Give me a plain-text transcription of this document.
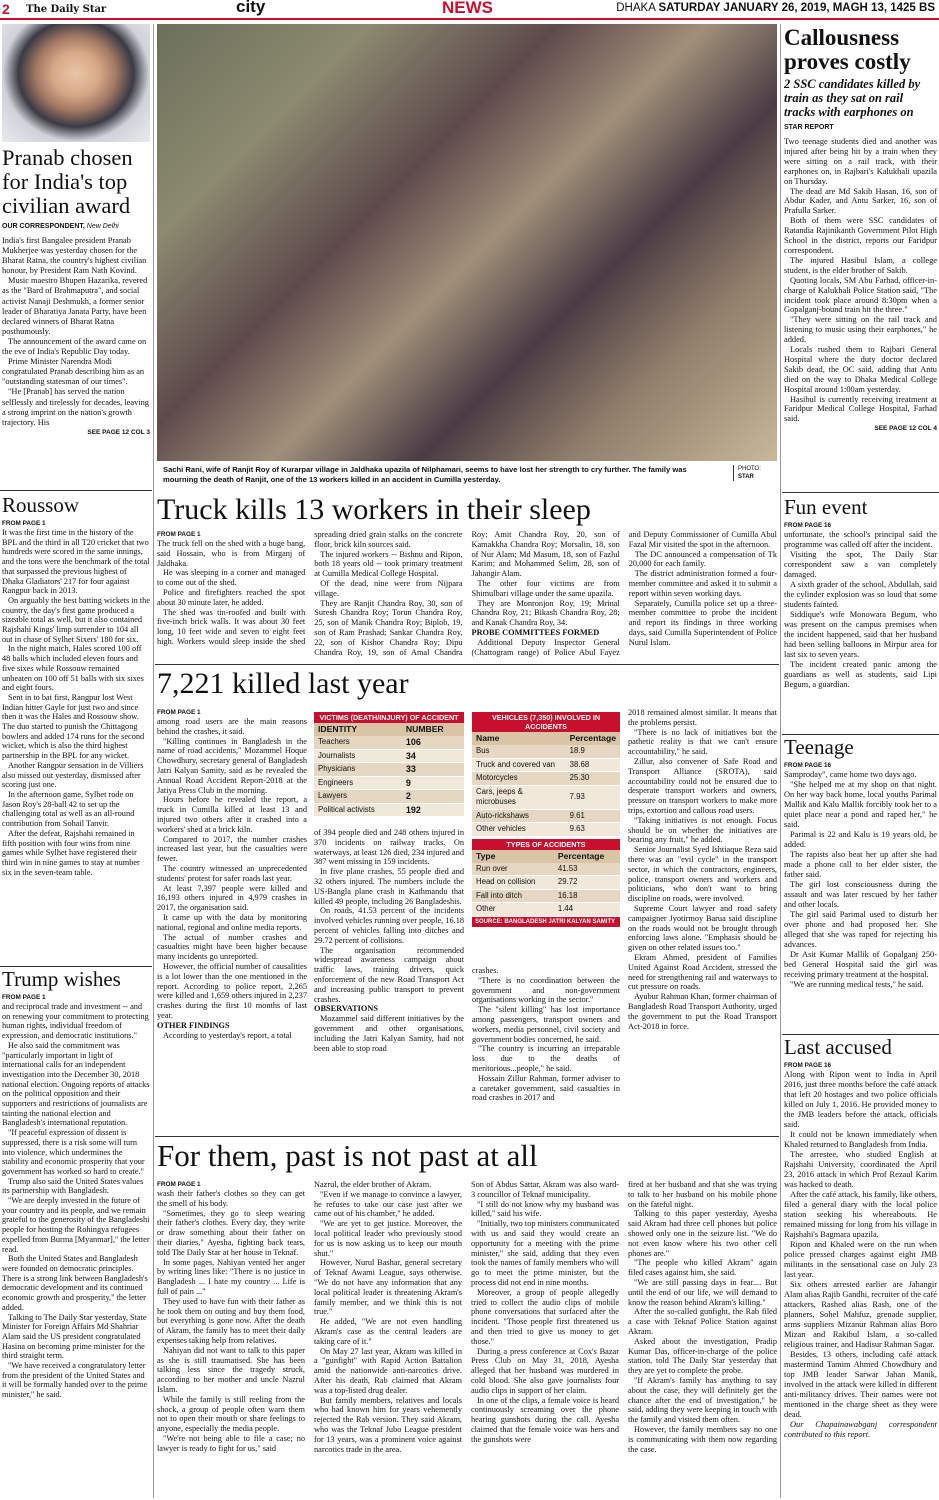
2 The Daily Star	city	NEWS	DHAKA SATURDAY JANUARY 26, 2019, MAGH 13, 1425 BS
Pranab chosen for India's top civilian award
OUR CORRESPONDENT, New Delhi

India's first Bangalee president Pranab Mukherjee was yesterday chosen for the Bharat Ratna, the country's highest civilian honour, by President Ram Nath Kovind.

Music maestro Bhupen Hazarika, revered as the "Bard of Brahmaputra", and social activist Nanaji Deshmukh, a former senior leader of Bharatiya Janata Party, have been declared winners of Bharat Ratna posthumously.

The announcement of the award came on the eve of India's Republic Day today.

Prime Minister Narendra Modi congratulated Pranab describing him as an "outstanding statesman of our times".

"He [Pranab] has served the nation selflessly and tirelessly for decades, leaving a strong imprint on the nation's growth trajectory. His

SEE PAGE 12 COL 3

Roussow

FROM PAGE 1

It was the first time in the history of the BPL and the third in all T20 cricket that two hundreds were scored in the same innings, and the tons were the benchmark of the total that surpassed the previous highest of Dhaka Gladiators' 217 for four against Rangpur back in 2013.

On arguably the best batting wickets in the country, the day's first game produced a sizeable total as well, but it also contained Rajshahi Kings' limp surrender to 104 all out in chase of Sylhet Sixers' 180 for six.

In the night match, Hales scored 100 off 48 balls which included eleven fours and five sixes while Rossouw remained unbeaten on 100 off 51 balls with six sixes and eight fours.

Sent in to bat first, Rangpur lost West Indian hitter Gayle for just two and since then it was the Hales and Rossouw show. The duo started to punish the Chittagong bowlers and added 174 runs for the second wicket, which is also the third highest partnership in the BPL for any wicket.

Another Rangpur sensation in de Villiers also missed out yesterday, dismissed after scoring just one.

In the afternoon game, Sylhet rode on Jason Roy's 28-ball 42 to set up the challenging total as well as an all-round contribution from Sohail Tanvir.

After the defeat, Rajshahi remained in fifth position with four wins from nine games while Sylhet have registered their third win in nine games to stay at number six in the seven-team table.

Trump wishes

FROM PAGE 1

and reciprocal trade and investment -- and on renewing your commitment to protecting human rights, individual freedom of expression, and democratic institutions."

He also said the commitment was "particularly important in light of international calls for an independent investigation into the December 30, 2018 national election. Ongoing reports of attacks on the political opposition and their supporters and restrictions of journalists are tainting the national election and Bangladesh's international reputation.

"If peaceful expression of dissent is suppressed, there is a risk some will turn into violence, which undermines the stability and economic prosperity that your government has worked so hard to create."

Trump also said the United States values its partnership with Bangladesh.

"We are deeply invested in the future of your country and its people, and we remain grateful to the generosity of the Bangladeshi people for hosting the Rohingya refugees expelled from Burma [Myanmar]," the letter read.

Both the United States and Bangladesh were founded on democratic principles. There is a strong link between Bangladesh's democratic development and its continued economic growth and prosperity," the letter added.

Talking to The Daily Star yesterday, State Minister for Foreign Affairs Md Shahriar Alam said the US president congratulated Hasina on becoming prime minister for the third straight term.

"We have received a congratulatory letter from the president of the United States and it will be formally handed over to the prime minister," he said.

Sachi Rani, wife of Ranjit Roy of Kurarpar village in Jaldhaka upazila of Nilphamari, seems to have lost her strength to cry further. The family was mourning the death of Ranjit, one of the 13 workers killed in an accident in Cumilla yesterday.
PHOTO:
STAR
Callousness proves costly
2 SSC candidates killed by train as they sat on rail tracks with earphones on
STAR REPORT

Two teenage students died and another was injured after being hit by a train when they were sitting on a rail track, with their earphones on, in Rajbari's Kalukhali upazila on Thursday.

The dead are Md Sakib Hasan, 16, son of Abdur Kader, and Antu Sarker, 16, son of Prafulla Sarker.

Both of them were SSC candidates of Ratandia Rajinikanth Government Pilot High School in the district, reports our Faridpur correspondent.

The injured Hasibul Islam, a college student, is the elder brother of Sakib.

Quoting locals, SM Abu Farhad, officer-in-charge of Kalukhali Police Station said, "The incident took place around 8:30pm when a Gopalganj-bound train hit the three."

"They were sitting on the rail track and listening to music using their earphones," he added.

Locals rushed them to Rajbari General Hospital where the duty doctor declared Sakib dead, the OC said, adding that Antu died on the way to Dhaka Medical College Hospital around 1:00am yesterday.

Hasibul is currently receiving treatment at Faridpur Medical College Hospital, Farhad said.

SEE PAGE 12 COL 4

Fun event

FROM PAGE 16

unfortunate, the school's principal said the programme was called off after the incident.

Visiting the spot, The Daily Star correspondent saw a van completely damaged.

A sixth grader of the school, Abdullah, said the cylinder explosion was so loud that some students fainted.

Siddique's wife Monowara Begum, who was present on the campus premises when the incident happened, said that her husband had been selling balloons in Mirpur area for last six to seven years.

The incident created panic among the guardians as well as students, said Lipi Begum, a guardian.

Teenage

FROM PAGE 16

Samproday", came home two days ago.

"She helped me at my shop on that night. On her way back home, local youths Parimal Mallik and Kalu Mallik forcibly took her to a quiet place near a pond and raped her," he said.

Parimal is 22 and Kalu is 19 years old, he added.

The rapists also beat her up after she had made a phone call to her elder sister, the father said.

The girl lost consciousness during the assault and was later rescued by her father and other locals.

The girl said Parimal used to disturb her over phone and had proposed her. She alleged that she was raped for rejecting his advances.

Dr Asit Kumar Mallik of Gopalganj 250-bed General Hospital said the girl was receiving primary treatment at the hospital.

"We are running medical tests," he said.

Last accused

FROM PAGE 16

Along with Ripon went to India in April 2016, just three months before the café attack that left 20 hostages and two police officials killed on July 1, 2016. He provided money to the JMB leaders before the attack, officials said.

It could not be known immediately when Khaled returned to Bangladesh from India.

The arrestee, who studied English at Rajshahi University, coordinated the April 23, 2016 attack in which Prof Rezaul Karim was hacked to death.

After the café attack, his family, like others, filed a general diary with the local police station seeking his whereabouts. He remained missing for long from his village in Rajshahi's Bagmara upazila.

Ripon and Khaled were on the run when police pressed charges against eight JMB militants in the sensational case on July 23 last year.

Six others arrested earlier are Jahangir Alam alias Rajib Gandhi, recruiter of the café attackers, Rashed alias Rash, one of the planners, Sohel Mahfuz, grenade supplier, arms suppliers Mizanur Rahman alias Boro Mizan and Rakibul Islam, a so-called religious trainer, and Hadisur Rahman Sagar.

Besides, 13 others, including café attack mastermind Tamim Ahmed Chowdhury and top JMB leader Sarwar Jahan Manik, involved in the attack were killed in different anti-militancy drives. Their names were not mentioned in the charge sheet as they were dead.

Our Chapainawabganj correspondent contributed to this report.

Truck kills 13 workers in their sleep

FROM PAGE 1

The truck fell on the shed with a huge bang, said Hossain, who is from Mirganj of Jaldhaka.

He was sleeping in a corner and managed to come out of the shed.

Police and firefighters reached the spot about 30 minute later, he added.

The shed was tin-roofed and built with five-inch brick walls. It was about 30 feet long, 10 feet wide and seven to eight feet high. Workers would sleep inside the shed spreading dried grain stalks on the concrete floor, brick kiln sources said.

The injured workers -- Bishnu and Ripon, both 18 years old -- took primary treatment at Cumilla Medical College Hospital.

Of the dead, nine were from Nijpara village.

They are Ranjit Chandra Roy, 30, son of Suresh Chandra Roy; Torun Chandra Roy, 25, son of Manik Chandra Roy; Biplob, 19, son of Ram Prashad; Sankar Chandra Roy, 22, son of Kishor Chandra Roy; Dipu Chandra Roy, 19, son of Amal Chandra Roy; Amit Chandra Roy, 20, son of Kamakkha Chandra Roy; Morsalin, 18, son of Nur Alam; Md Masum, 18, son of Fazlul Karim; and Mohammed Selim, 28, son of Jahangir Alam.

The other four victims are from Shimulbari village under the same upazila.

They are Monronjon Roy, 19; Mrinal Chandra Roy, 21; Bikash Chandra Roy, 28; and Kanak Chandra Roy, 34.

PROBE COMMITTEES FORMED

Additional Deputy Inspector General (Chattogram range) of Police Abul Fayez and Deputy Commissioner of Cumilla Abul Fazal Mir visited the spot in the afternoon.

The DC announced a compensation of Tk 20,000 for each family.

The district administration formed a four-member committee and asked it to submit a report within seven working days.

Separately, Cumilla police set up a three-member committee to probe the incident and report its findings in three working days, said Cumilla Superintendent of Police Nurul Islam.

7,221 killed last year

FROM PAGE 1

among road users are the main reasons behind the crashes, it said.

"Killing continues in Bangladesh in the name of road accidents," Mozammel Hoque Chowdhury, secretary general of Bangladesh Jatri Kalyan Samity, said as he revealed the Annual Road Accident Report-2018 at the Jatiya Press Club in the morning.

Hours before he revealed the report, a truck in Cumilla killed at least 13 and injured two others after it crashed into a workers' shed at a brick kiln.

Compared to 2017, the number crashes increased last year, but the casualties were fewer.

The country witnessed an unprecedented students' protest for safer roads last year.

At least 7,397 people were killed and 16,193 others injured in 4,979 crashes in 2017, the organisation said.

It came up with the data by monitoring national, regional and online media reports.

The actual of number crashes and casualties might have been higher because many incidents go unreported.

However, the official number of causalities is a lot lower than the one mentioned in the report. According to police report, 2,265 were killed and 1,659 others injured in 2,237 crashes during the first 10 months of last year.

OTHER FINDINGS

According to yesterday's report, a total

VICTIMS (DEATH/INJURY) OF ACCIDENT
IDENTITY	NUMBER
Teachers	106
Journalists	34
Physicians	33
Engineers	9
Lawyers	2
Political activists	192

of 394 people died and 248 others injured in 370 incidents on railway tracks. On waterways, at least 126 died, 234 injured and 387 went missing in 159 incidents.

In five plane crashes, 55 people died and 32 others injured. The numbers include the US-Bangla plane crash in Kathmandu that killed 49 people, including 26 Bangladeshis.

On roads, 41.53 percent of the incidents involved vehicles running over people, 16.18 percent of vehicles falling into ditches and 29.72 percent of collisions.

The organisation recommended widespread awareness campaign about traffic laws, training drivers, quick enforcement of the new Road Transport Act and increasing public transport to prevent crashes.

OBSERVATIONS

Mozammel said different initiatives by the government and other organisations, including the Jatri Kalyan Samity, had not been able to stop road

VEHICLES (7,350) INVOLVED IN ACCIDENTS
Name	Percentage
Bus	18.9
Truck and covered van	38.68
Motorcycles	25.30
Cars, jeeps & microbuses	7.93
Auto-rickshaws	9.61
Other vehicles	9.63
TYPES OF ACCIDENTS
Type	Percentage
Run over	41.53
Head on collision	29.72
Fall into ditch	16.18
Other	1.44
SOURCE: BANGLADESH JATRI KALYAN SAMITY

crashes.

"There is no coordination between the government and non-government organisations working in the sector."

The "silent killing" has lost importance among passengers, transport owners and workers, media personnel, civil society and government bodies concerned, he said.

"The country is incurring an irreparable loss due to the deaths of meritorious...people," he said.

Hossain Zillur Rahman, former adviser to a caretaker government, said casualties in road crashes in 2017 and

2018 remained almost similar. It means that the problems persist.

"There is no lack of initiatives but the pathetic reality is that we can't ensure accountability," he said.

Zillur, also convener of Safe Road and Transport Alliance (SROTA), said accountability could not be ensured due to desperate transport workers and owners, pressure on transport workers to make more trips, extortion and callous road users.

"Taking initiatives is not enough. Focus should be on whether the initiatives are bearing any fruit," he added.

Senior Journalist Syed Ishtiaque Reza said there was an "evil cycle" in the transport sector, in which the contractors, engineers, police, transport owners and workers and politicians, who don't want to bring discipline on roads, were involved.

Supreme Court lawyer and road safety campaigner Jyotirmoy Barua said discipline on the roads would not be brought through enforcing laws alone. "Emphasis should be given on other related issues too."

Ekram Ahmed, president of Families United Against Road Accident, stressed the need for strengthening rail and waterways to cut pressure on roads.

Ayubur Rahman Khan, former chairman of Bangladesh Road Transport Authority, urged the government to put the Road Transport Act-2018 in force.

For them, past is not past at all

FROM PAGE 1

wash their father's clothes so they can get the smell of his body.

"Sometimes, they go to sleep wearing their father's clothes. Every day, they write or draw something about their father on their diaries," Ayesha, fighting back tears, told The Daily Star at her house in Teknaf.

In some pages, Nahiyan vented her anger by writing lines like: "There is no justice in Bangladesh ... I hate my country ... Life is full of pain ..."

They used to have fun with their father as he took them on outing and buy them food, but everything is gone now. After the death of Akram, the family has to meet their daily expenses taking help from relatives.

Nahiyan did not want to talk to this paper as she is still traumatised. She has been talking less since the tragedy struck, according to her mother and uncle Nazrul Islam.

While the family is still reeling from the shock, a group of people often warn them not to open their mouth or share feelings to anyone, especially the media people.

"We're not being able to file a case; no lawyer is ready to fight for us," said

Nazrul, the elder brother of Akram.

"Even if we manage to convince a lawyer, he refuses to take our case just after we came out of his chamber," he added.

"We are yet to get justice. Moreover, the local political leader who previously stood for us is now asking us to keep our mouth shut."

However, Nurul Bashar, general secretary of Teknaf Awami League, says otherwise. "We do not have any information that any local political leader is threatening Akram's family member, and we think this is not true."

He added, "We are not even handling Akram's case as the central leaders are taking care of it."

On May 27 last year, Akram was killed in a "gunfight" with Rapid Action Battalion amid the nationwide anti-narcotics drive. After his death, Rab claimed that Akram was a top-listed drug dealer.

But family members, relatives and locals who had known him for years vehemently rejected the Rab version. They said Akram, who was the Teknaf Jubo League president for 13 years, was a prominent voice against narcotics trade in the area.

Son of Abdus Sattar, Akram was also ward-3 councillor of Teknaf municipality.

"I still do not know why my husband was killed," said his wife.

"Initially, two top ministers communicated with us and said they would create an opportunity for a meeting with the prime minister," she said, adding that they even took the names of family members who will go to meet the prime minister, but the process did not end in nine months.

Moreover, a group of people allegedly tried to collect the audio clips of mobile phone conversations that surfaced after the incident. "Those people first threatened us and then tried to give us money to get those."

During a press conference at Cox's Bazar Press Club on May 31, 2018, Ayesha alleged that her husband was murdered in cold blood. She also gave journalists four audio clips in support of her claim.

In one of the clips, a female voice is heard continuously screaming over the phone hearing gunshots during the call. Ayesha claimed that the female voice was hers and the gunshots were

fired at her husband and that she was trying to talk to her husband on his mobile phone on the fateful night.

Talking to this paper yesterday, Ayesha said Akram had three cell phones but police showed only one in the seizure list. "We do not even know where his two other cell phones are."

"The people who killed Akram" again filed cases against him, she said.

"We are still passing days in fear.... But until the end of our life, we will demand to know the reason behind Akram's killing."

After the so-called gunfight, the Rab filed a case with Teknaf Police Station against Akram.

Asked about the investigation, Pradip Kumar Das, officer-in-charge of the police station, told The Daily Star yesterday that they are yet to complete the probe.

"If Akram's family has anything to say about the case, they will definitely get the chance after the end of investigation," he said, adding they were keeping in touch with the family and visited them often.

However, the family members say no one is communicating with them now regarding the case.
